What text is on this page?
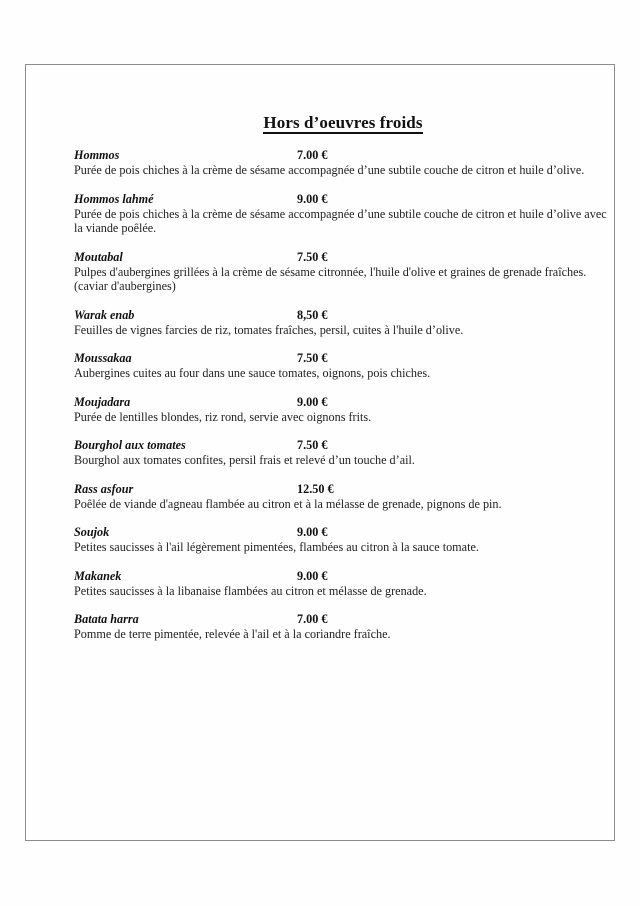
Hors d’oeuvres froids
Hommos	7.00 €
Purée de pois chiches à la crème de sésame accompagnée d’une subtile couche de citron et huile d’olive.
Hommos lahmé	9.00 €
Purée de pois chiches à la crème de sésame accompagnée d’une subtile couche de citron et huile d’olive avec la viande poêlée.
Moutabal	7.50 €
Pulpes d'aubergines grillées à la crème de sésame citronnée, l'huile d'olive et graines de grenade fraîches. (caviar d'aubergines)
Warak enab	8,50 €
Feuilles de vignes farcies de riz, tomates fraîches, persil, cuites à l'huile d’olive.
Moussakaa	7.50 €
Aubergines cuites au four dans une sauce tomates, oignons, pois chiches.
Moujadara	9.00 €
Purée de lentilles blondes, riz rond, servie avec oignons frits.
Bourghol aux tomates	7.50 €
Bourghol aux tomates confites, persil frais et relevé d’un touche d’ail.
Rass asfour	12.50 €
Poêlée de viande d'agneau flambée au citron et à la mélasse de grenade, pignons de pin.
Soujok	9.00 €
Petites saucisses à l'ail légèrement pimentées, flambées au citron à la sauce tomate.
Makanek	9.00 €
Petites saucisses à la libanaise flambées au citron et mélasse de grenade.
Batata harra	7.00 €
Pomme de terre pimentée, relevée à l'ail et à la coriandre fraîche.
